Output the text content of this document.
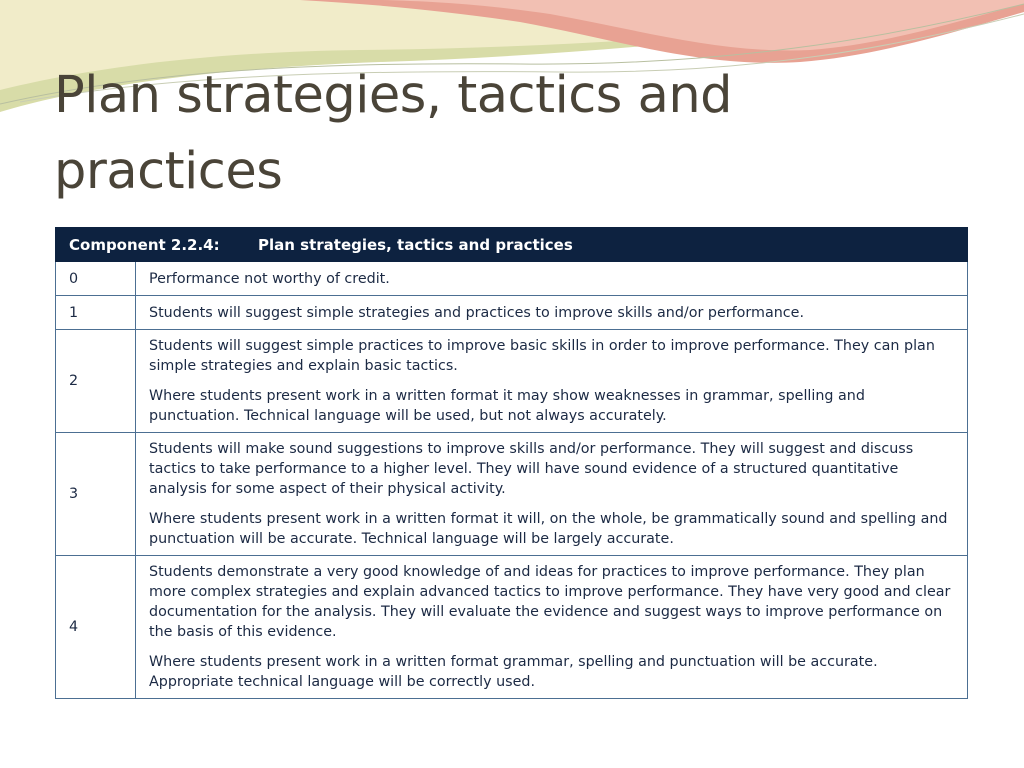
Plan strategies, tactics and practices
Component 2.2.4: Plan strategies, tactics and practices	
0	Performance not worthy of credit.

1	Students will suggest simple strategies and practices to improve skills and/or performance.

2	Students will suggest simple practices to improve basic skills in order to improve performance. They can plan simple strategies and explain basic tactics.

Where students present work in a written format it may show weaknesses in grammar, spelling and punctuation. Technical language will be used, but not always accurately.

3	Students will make sound suggestions to improve skills and/or performance. They will suggest and discuss tactics to take performance to a higher level. They will have sound evidence of a structured quantitative analysis for some aspect of their physical activity.

Where students present work in a written format it will, on the whole, be grammatically sound and spelling and punctuation will be accurate. Technical language will be largely accurate.

4	Students demonstrate a very good knowledge of and ideas for practices to improve performance. They plan more complex strategies and explain advanced tactics to improve performance. They have very good and clear documentation for the analysis. They will evaluate the evidence and suggest ways to improve performance on the basis of this evidence.

Where students present work in a written format grammar, spelling and punctuation will be accurate. Appropriate technical language will be correctly used.
